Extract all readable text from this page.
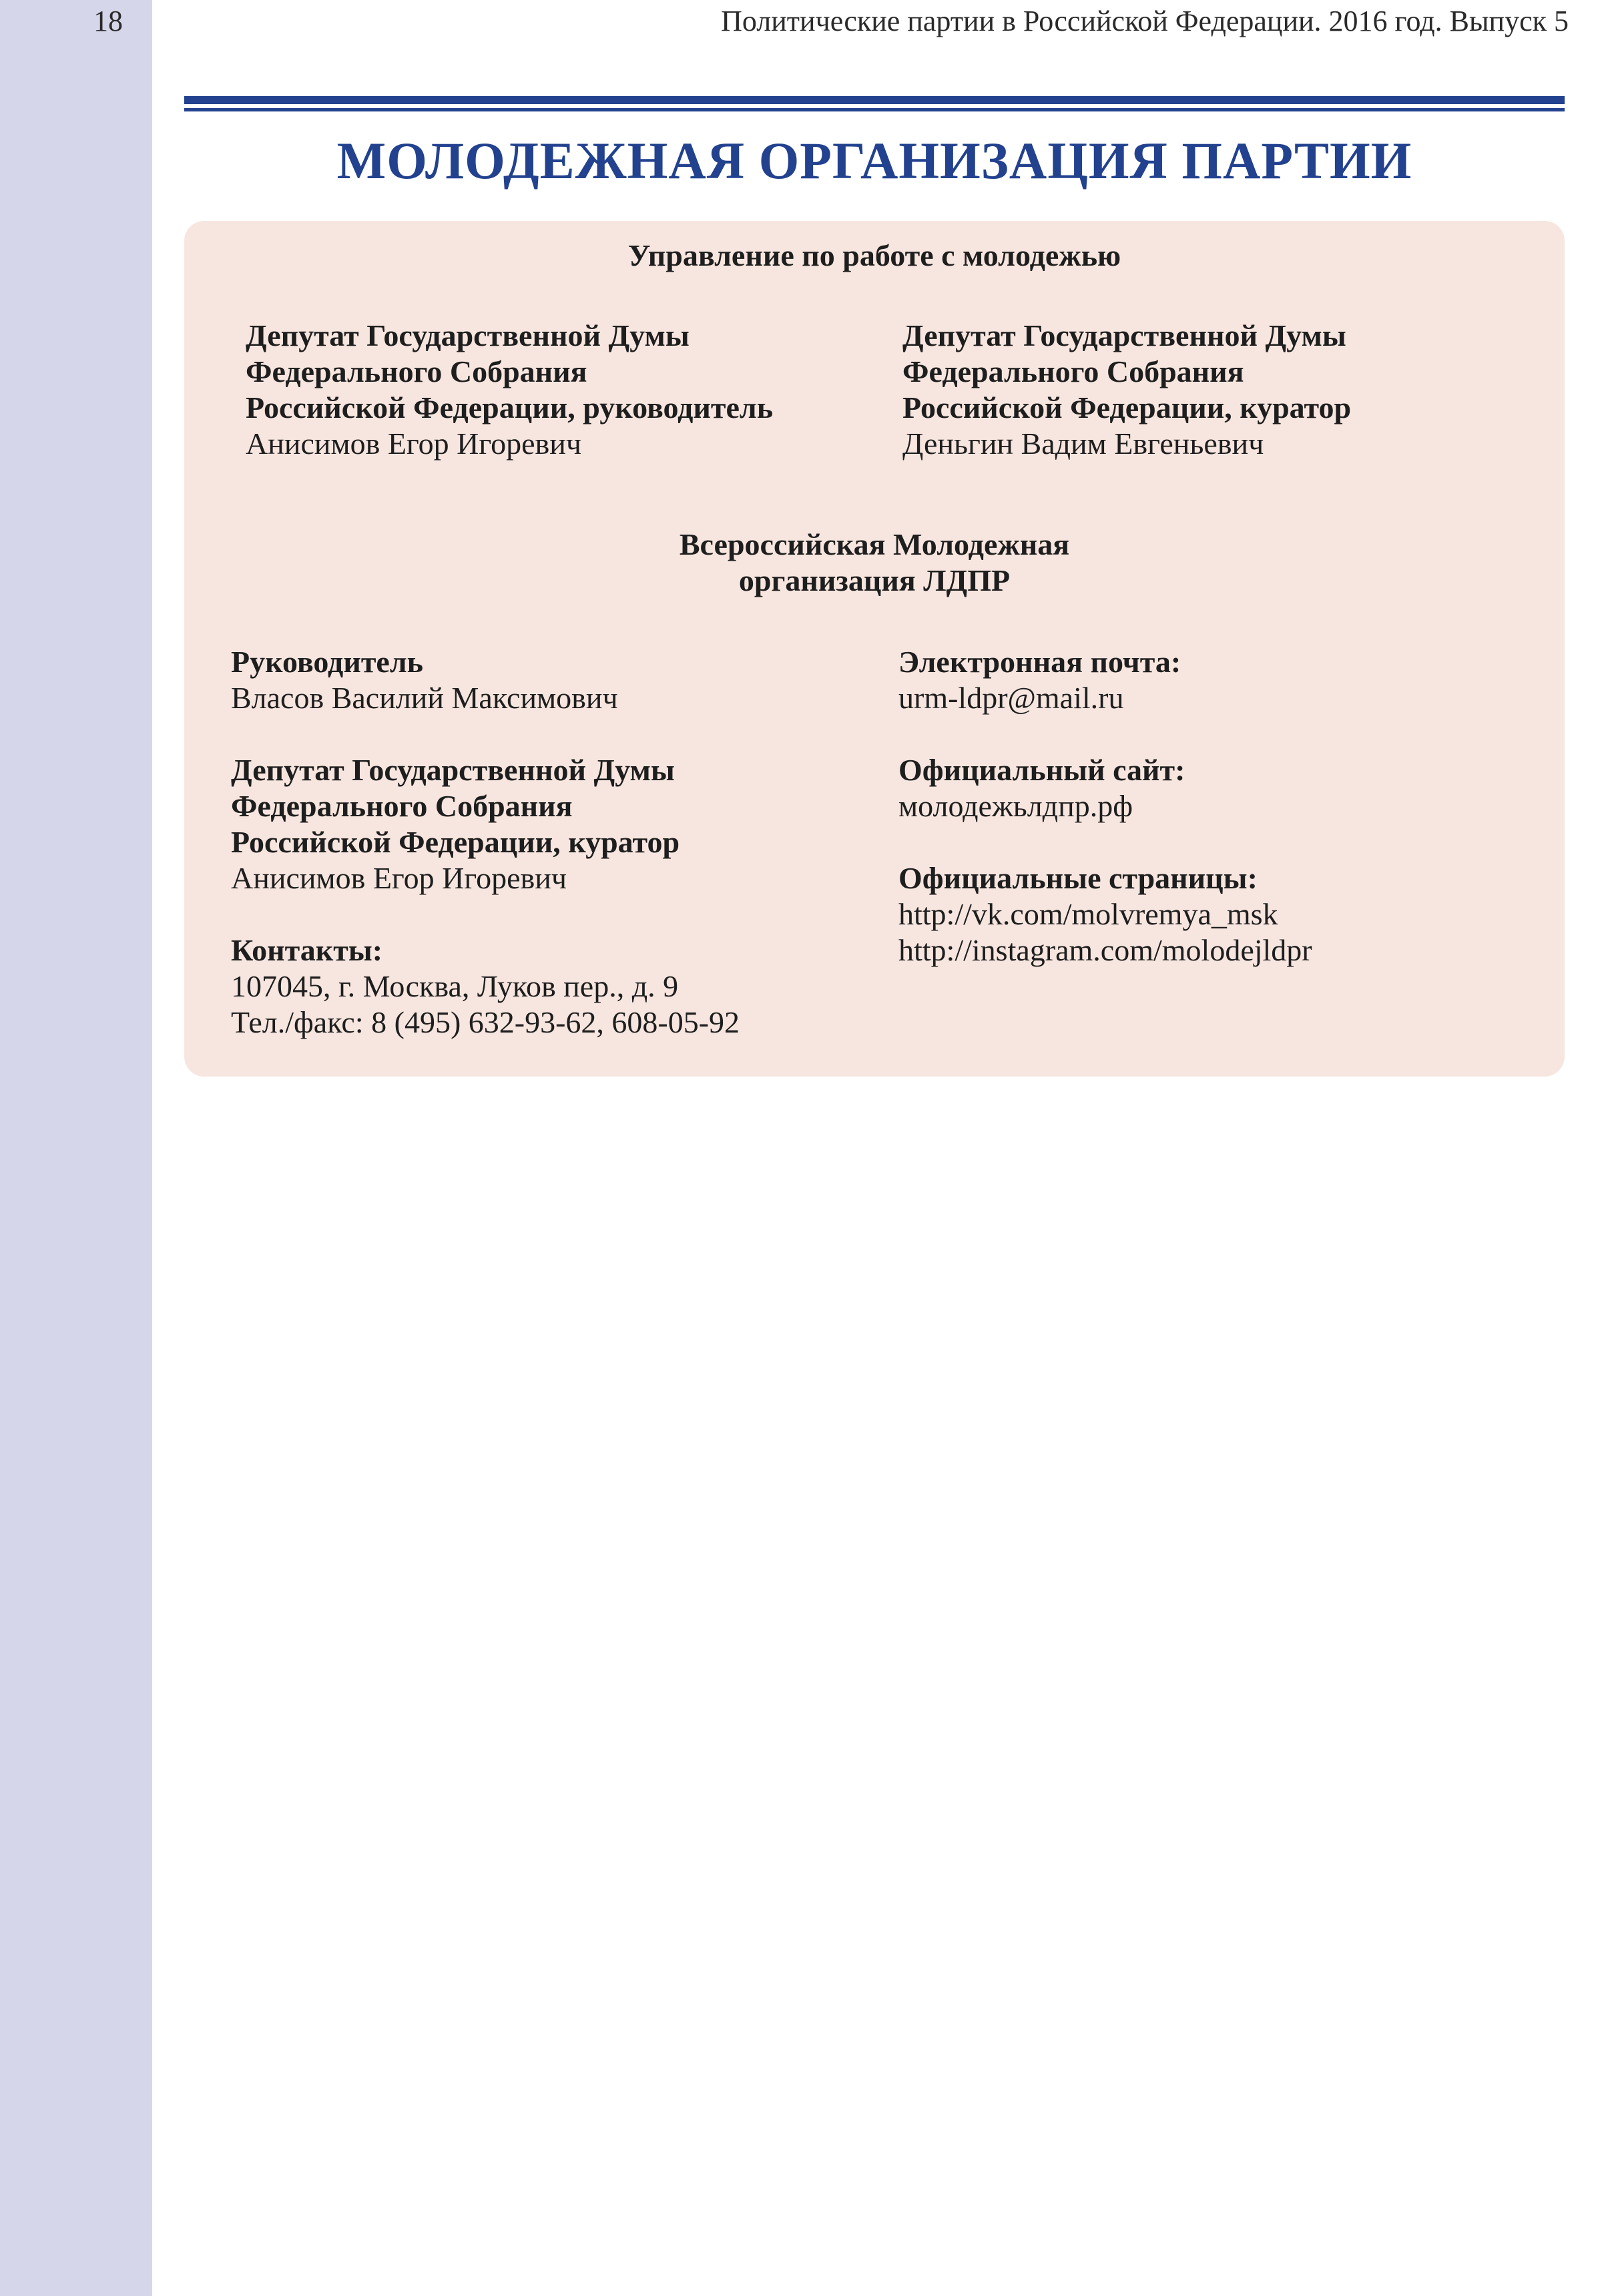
18	Политические партии в Российской Федерации. 2016 год. Выпуск 5
МОЛОДЕЖНАЯ ОРГАНИЗАЦИЯ ПАРТИИ
Управление по работе с молодежью
Депутат Государственной Думы
Федерального Собрания
Российской Федерации, руководитель
Анисимов Егор Игоревич
Депутат Государственной Думы
Федерального Собрания
Российской Федерации, куратор
Деньгин Вадим Евгеньевич
Всероссийская Молодежная
организация ЛДПР
Руководитель
Власов Василий Максимович
Депутат Государственной Думы
Федерального Собрания
Российской Федерации, куратор
Анисимов Егор Игоревич
Контакты:
107045, г. Москва, Луков пер., д. 9
Тел./факс: 8 (495) 632-93-62, 608-05-92
Электронная почта:
urm-ldpr@mail.ru
Официальный сайт:
молодежьлдпр.рф
Официальные страницы:
http://vk.com/molvremya_msk
http://instagram.com/molodejldpr
